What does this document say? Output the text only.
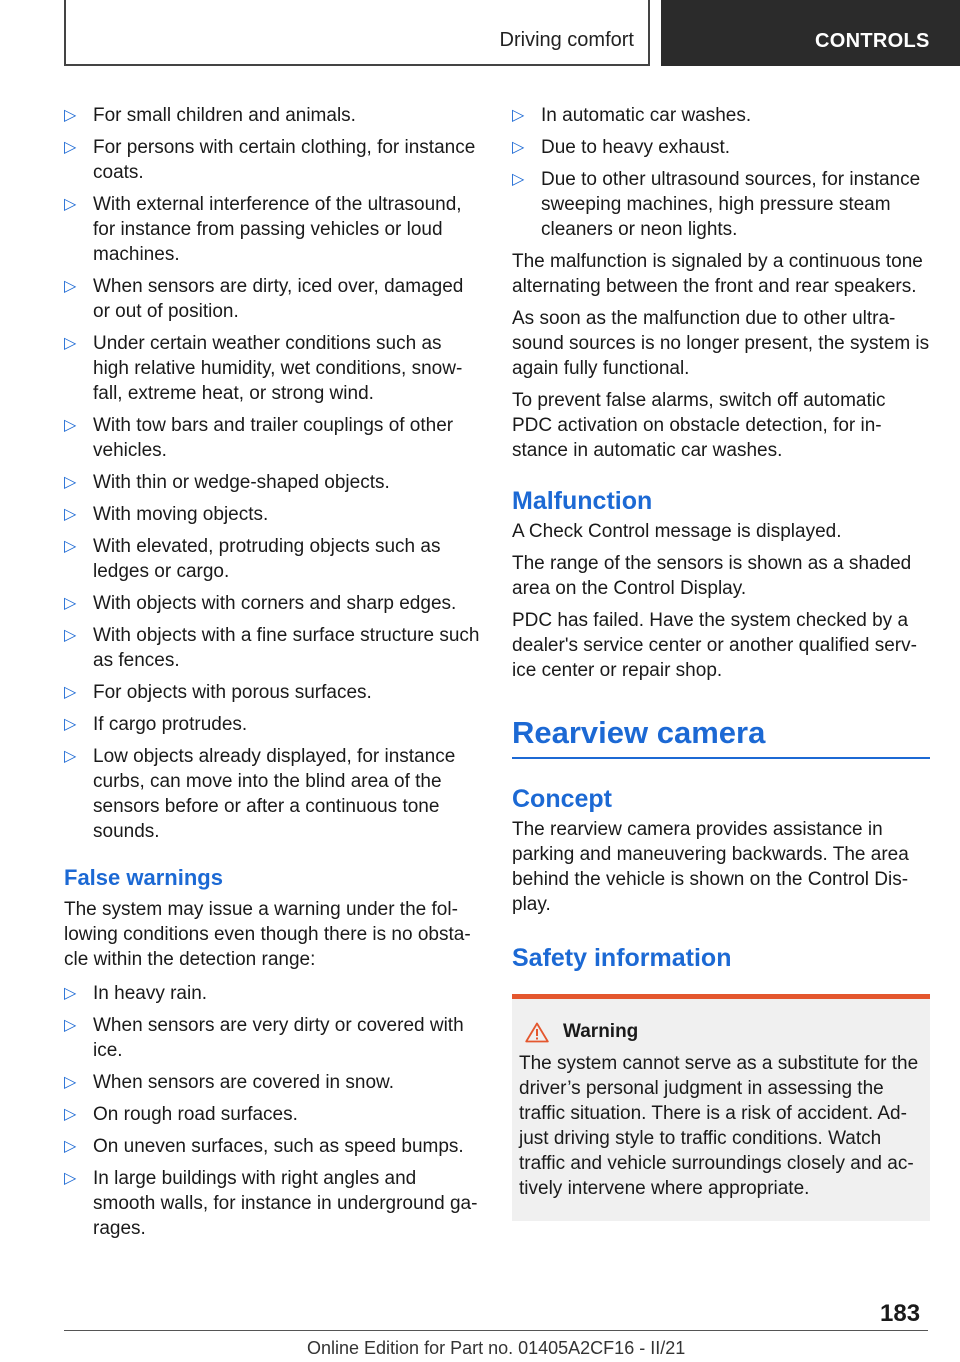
Driving comfort	CONTROLS
▷ For small children and animals.
▷ For persons with certain clothing, for instance coats.
▷ With external interference of the ultrasound, for instance from passing vehicles or loud machines.
▷ When sensors are dirty, iced over, damaged or out of position.
▷ Under certain weather conditions such as high relative humidity, wet conditions, snow-fall, extreme heat, or strong wind.
▷ With tow bars and trailer couplings of other vehicles.
▷ With thin or wedge-shaped objects.
▷ With moving objects.
▷ With elevated, protruding objects such as ledges or cargo.
▷ With objects with corners and sharp edges.
▷ With objects with a fine surface structure such as fences.
▷ For objects with porous surfaces.
▷ If cargo protrudes.
▷ Low objects already displayed, for instance curbs, can move into the blind area of the sensors before or after a continuous tone sounds.
False warnings

The system may issue a warning under the fol-lowing conditions even though there is no obsta-cle within the detection range:

▷ In heavy rain.
▷ When sensors are very dirty or covered with ice.
▷ When sensors are covered in snow.
▷ On rough road surfaces.
▷ On uneven surfaces, such as speed bumps.
▷ In large buildings with right angles and smooth walls, for instance in underground ga-rages.
▷ In automatic car washes.
▷ Due to heavy exhaust.
▷ Due to other ultrasound sources, for instance sweeping machines, high pressure steam cleaners or neon lights.

The malfunction is signaled by a continuous tone alternating between the front and rear speakers.

As soon as the malfunction due to other ultra-sound sources is no longer present, the system is again fully functional.

To prevent false alarms, switch off automatic PDC activation on obstacle detection, for in-stance in automatic car washes.

Malfunction

A Check Control message is displayed.

The range of the sensors is shown as a shaded area on the Control Display.

PDC has failed. Have the system checked by a dealer's service center or another qualified serv-ice center or repair shop.

Rearview camera
Concept

The rearview camera provides assistance in parking and maneuvering backwards. The area behind the vehicle is shown on the Control Dis-play.

Safety information
Warning

The system cannot serve as a substitute for the driver’s personal judgment in assessing the traffic situation. There is a risk of accident. Ad-just driving style to traffic conditions. Watch traffic and vehicle surroundings closely and ac-tively intervene where appropriate.

183
Online Edition for Part no. 01405A2CF16 - II/21
